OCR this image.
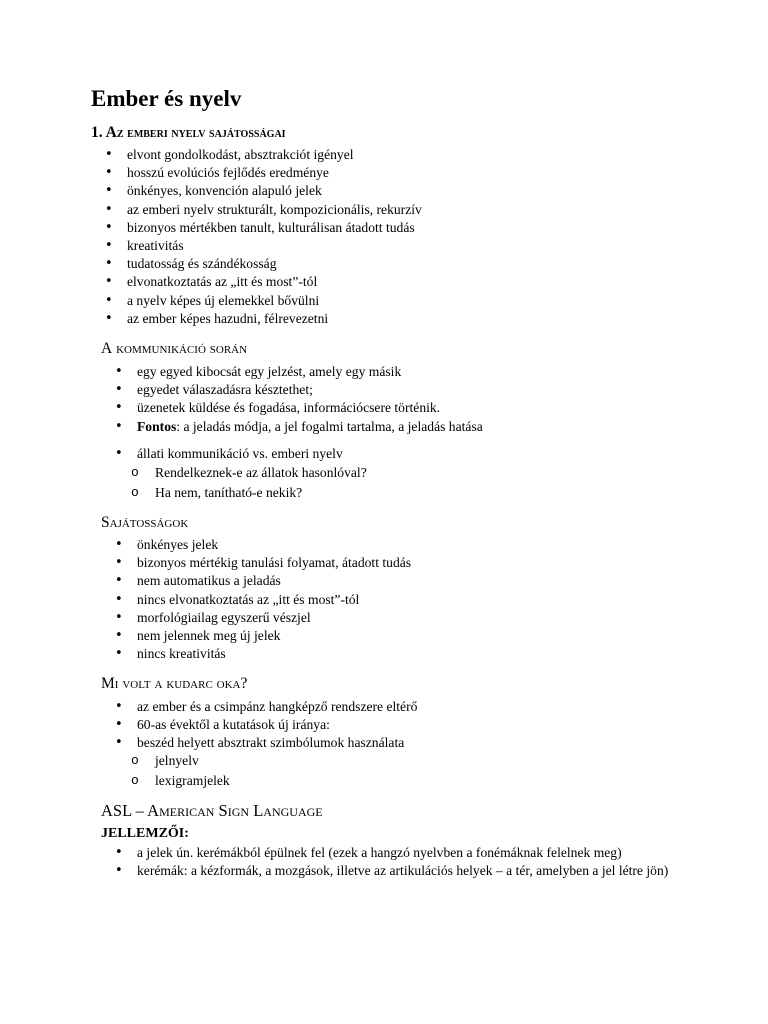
Ember és nyelv
1. Az emberi nyelv sajátosságai
• elvont gondolkodást, absztrakciót igényel
• hosszú evolúciós fejlődés eredménye
• önkényes, konvención alapuló jelek
• az emberi nyelv strukturált, kompozicionális, rekurzív
• bizonyos mértékben tanult, kulturálisan átadott tudás
• kreativitás
• tudatosság és szándékosság
• elvonatkoztatás az „itt és most”-tól
• a nyelv képes új elemekkel bővülni
• az ember képes hazudni, félrevezetni
A kommunikáció során
• egy egyed kibocsát egy jelzést, amely egy másik
• egyedet válaszadásra késztethet;
• üzenetek küldése és fogadása, információcsere történik.
• Fontos: a jeladás módja, a jel fogalmi tartalma, a jeladás hatása
• állati kommunikáció vs. emberi nyelv
o Rendelkeznek-e az állatok hasonlóval?
o Ha nem, tanítható-e nekik?
Sajátosságok
• önkényes jelek
• bizonyos mértékig tanulási folyamat, átadott tudás
• nem automatikus a jeladás
• nincs elvonatkoztatás az „itt és most”-tól
• morfológiailag egyszerű vészjel
• nem jelennek meg új jelek
• nincs kreativitás
Mi volt a kudarc oka?
• az ember és a csimpánz hangképző rendszere eltérő
• 60-as évektől a kutatások új iránya:
• beszéd helyett absztrakt szimbólumok használata
o jelnyelv
o lexigramjelek
ASL – American Sign Language
JELLEMZŐI:
• a jelek ún. kerémákból épülnek fel (ezek a hangzó nyelvben a fonémáknak felelnek meg)
• kerémák: a kézformák, a mozgások, illetve az artikulációs helyek – a tér, amelyben a jel létre jön)
